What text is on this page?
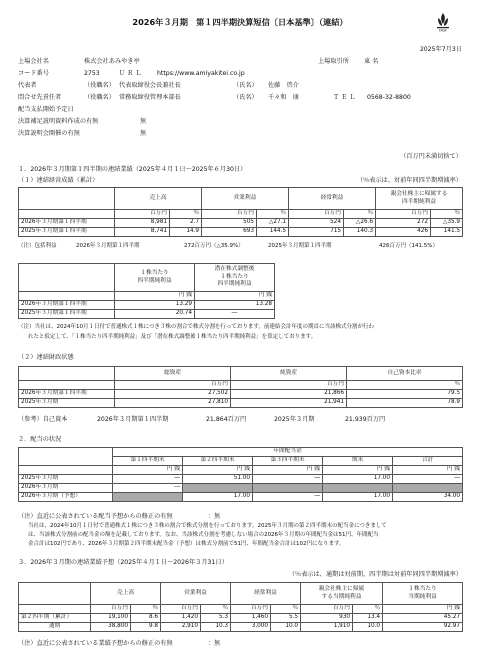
FASF
2026年３月期　第１四半期決算短信〔日本基準〕（連結）
2025年7月3日
上場会社名	株式会社あみやき亭	上場取引所 東 名
コード番号	2753	ＵＲＬ https://www.amiyakitei.co.jp
代表者	（役職名） 代表取締役会長兼社長	（氏名） 佐藤　啓介
問合せ先責任者	（役職名） 常務取締役管理本部長	（氏名） 千々和　康	ＴＥＬ 0568-32-8800
配当支払開始予定日
決算補足説明資料作成の有無	無
決算説明会開催の有無	無
（百万円未満切捨て）
１．2026年３月期第１四半期の連結業績（2025年４月１日～2025年６月30日）
（１）連結経営成績（累計）	（％表示は、対前年同四半期増減率）
	売上高		営業利益		経常利益		親会社株主に帰属する
四半期純利益	
	百万円	％	百万円	％	百万円	％	百万円	％
2026年３月期第１四半期	8,981	2.7	505	△27.1	524	△26.6	272	△35.9
2025年３月期第１四半期	8,741	14.9	693	144.5	715	140.3	426	141.5
（注）包括利益	2026年３月期第１四半期	272百万円（△35.9%）	2025年３月期第１四半期	426百万円（141.5%）
	１株当たり
四半期純利益	潜在株式調整後
１株当たり
四半期純利益
	円 銭	円 銭
2026年３月期第１四半期	13.29	13.28
2025年３月期第１四半期	20.74	―
（注）当社は、2024年10月１日付で普通株式１株につき３株の割合で株式分割を行っております。前連結会計年度の期首に当該株式分割が行わ
れたと仮定して、「１株当たり四半期純利益」及び「潜在株式調整後１株当たり四半期純利益」を算定しております。
（２）連結財政状態
	総資産	純資産	自己資本比率
	百万円	百万円	％
2026年３月期第１四半期	27,502	21,866	79.5
2025年３月期	27,810	21,941	78.9
（参考）自己資本	2026年３月期第１四半期	21,864百万円	2025年３月期	21,939百万円
２．配当の状況
	年間配当金				
	第１四半期末	第２四半期末	第３四半期末	期末	合計
	円 銭	円 銭	円 銭	円 銭	円 銭
2025年３月期	―	51.00	―	17.00	―
2026年３月期	―				
2026年３月期（予想）		17.00	―	17.00	34.00
（注）直近に公表されている配当予想からの修正の有無	：無
当社は、2024年10月１日付で普通株式１株につき３株の割合で株式分割を行っております。2025年３月期の第２四半期末の配当金につきまして
は、当該株式分割前の配当金の額を記載しております。なお、当該株式分割を考慮しない場合の2026年３月期の年間配当金は51円、年間配当
金合計は102円であり、2026年３月期第２四半期末配当金（予想）は株式分割前で51円、年間配当金合計は102円になります。
３．2026年３月期の連結業績予想（2025年４月１日～2026年３月31日）
（％表示は、通期は対前期、四半期は対前年同四半期増減率）
	売上高		営業利益		経常利益		親会社株主に帰属
する当期純利益		１株当たり
当期純利益
	百万円	％	百万円	％	百万円	％	百万円	％	円 銭
第２四半期（累計）	19,100	8.6	1,420	5.3	1,460	5.5	930	13.4	45.27
通期	38,800	9.8	2,910	10.3	3,000	10.0	1,910	10.0	92.97
（注）直近に公表されている業績予想からの修正の有無	：無
